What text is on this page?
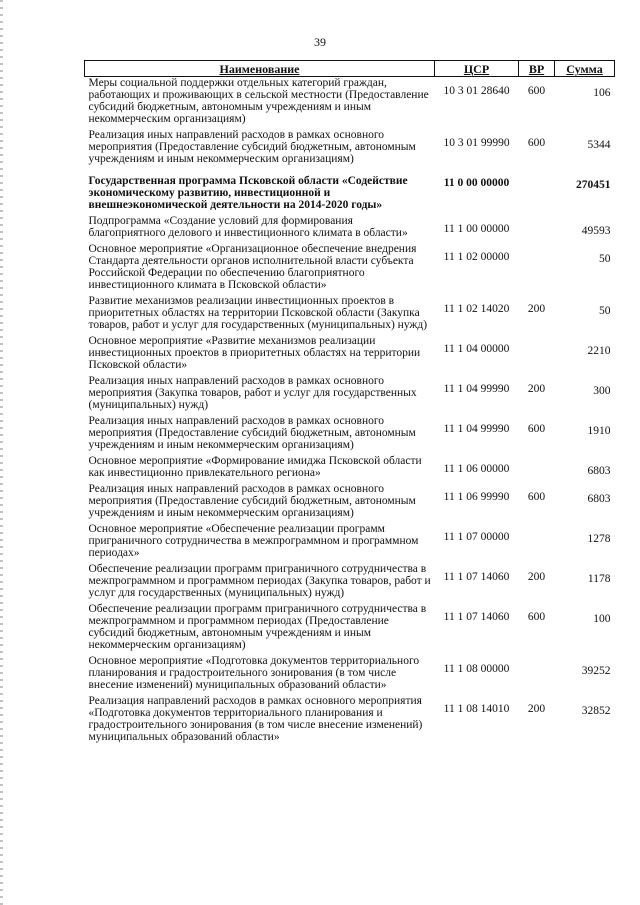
39
Наименование	ЦСР	ВР	Сумма
Меры социальной поддержки отдельных категорий граждан, работающих и проживающих в сельской местности (Предоставление субсидий бюджетным, автономным учреждениям и иным некоммерческим организациям)	10 3 01 28640	600	106
Реализация иных направлений расходов в рамках основного мероприятия (Предоставление субсидий бюджетным, автономным учреждениям и иным некоммерческим организациям)	10 3 01 99990	600	5344
Государственная программа Псковской области «Содействие экономическому развитию, инвестиционной и внешнеэкономической деятельности на 2014-2020 годы»	11 0 00 00000		270451
Подпрограмма «Создание условий для формирования благоприятного делового и инвестиционного климата в области»	11 1 00 00000		49593
Основное мероприятие «Организационное обеспечение внедрения Стандарта деятельности органов исполнительной власти субъекта Российской Федерации по обеспечению благоприятного инвестиционного климата в Псковской области»	11 1 02 00000		50
Развитие механизмов реализации инвестиционных проектов в приоритетных областях на территории Псковской области (Закупка товаров, работ и услуг для государственных (муниципальных) нужд)	11 1 02 14020	200	50
Основное мероприятие «Развитие механизмов реализации инвестиционных проектов в приоритетных областях на территории Псковской области»	11 1 04 00000		2210
Реализация иных направлений расходов в рамках основного мероприятия (Закупка товаров, работ и услуг для государственных (муниципальных) нужд)	11 1 04 99990	200	300
Реализация иных направлений расходов в рамках основного мероприятия (Предоставление субсидий бюджетным, автономным учреждениям и иным некоммерческим организациям)	11 1 04 99990	600	1910
Основное мероприятие «Формирование имиджа Псковской области как инвестиционно привлекательного региона»	11 1 06 00000		6803
Реализация иных направлений расходов в рамках основного мероприятия (Предоставление субсидий бюджетным, автономным учреждениям и иным некоммерческим организациям)	11 1 06 99990	600	6803
Основное мероприятие «Обеспечение реализации программ приграничного сотрудничества в межпрограммном и программном периодах»	11 1 07 00000		1278
Обеспечение реализации программ приграничного сотрудничества в межпрограммном и программном периодах (Закупка товаров, работ и услуг для государственных (муниципальных) нужд)	11 1 07 14060	200	1178
Обеспечение реализации программ приграничного сотрудничества в межпрограммном и программном периодах (Предоставление субсидий бюджетным, автономным учреждениям и иным некоммерческим организациям)	11 1 07 14060	600	100
Основное мероприятие «Подготовка документов территориального планирования и градостроительного зонирования (в том числе внесение изменений) муниципальных образований области»	11 1 08 00000		39252
Реализация направлений расходов в рамках основного мероприятия «Подготовка документов территориального планирования и градостроительного зонирования (в том числе внесение изменений) муниципальных образований области»	11 1 08 14010	200	32852
